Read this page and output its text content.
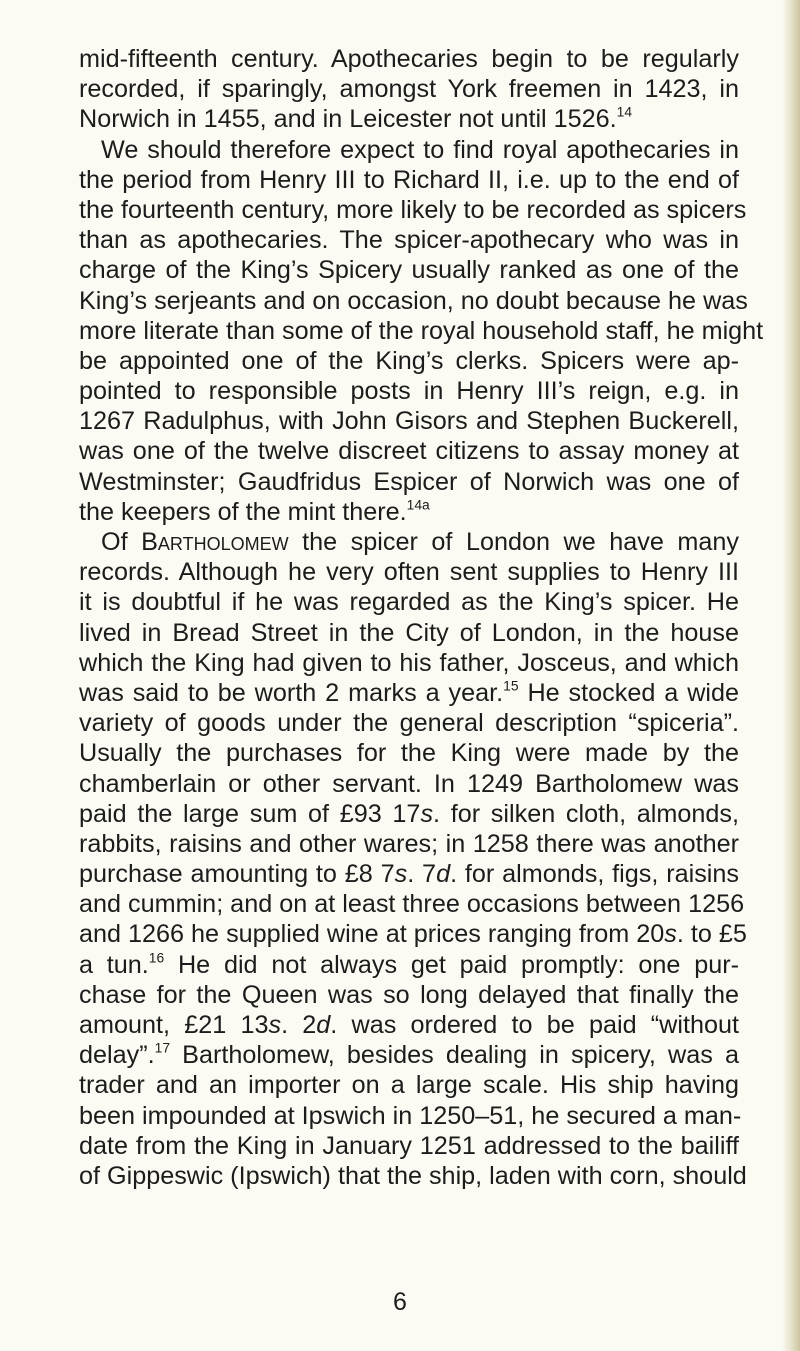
mid-fifteenth century. Apothecaries begin to be regularly
recorded, if sparingly, amongst York freemen in 1423, in
Norwich in 1455, and in Leicester not until 1526.14
We should therefore expect to find royal apothecaries in
the period from Henry III to Richard II, i.e. up to the end of
the fourteenth century, more likely to be recorded as spicers
than as apothecaries. The spicer-apothecary who was in
charge of the King’s Spicery usually ranked as one of the
King’s serjeants and on occasion, no doubt because he was
more literate than some of the royal household staff, he might
be appointed one of the King’s clerks. Spicers were ap-
pointed to responsible posts in Henry III’s reign, e.g. in
1267 Radulphus, with John Gisors and Stephen Buckerell,
was one of the twelve discreet citizens to assay money at
Westminster; Gaudfridus Espicer of Norwich was one of
the keepers of the mint there.$^{14a}$
Of Bartholomew the spicer of London we have many
records. Although he very often sent supplies to Henry III
it is doubtful if he was regarded as the King’s spicer. He
lived in Bread Street in the City of London, in the house
which the King had given to his father, Josceus, and which
was said to be worth 2 marks a year.$^{15}$ He stocked a wide
variety of goods under the general description “spiceria”.
Usually the purchases for the King were made by the
chamberlain or other servant. In 1249 Bartholomew was
paid the large sum of £93 17s. for silken cloth, almonds,
rabbits, raisins and other wares; in 1258 there was another
purchase amounting to £8 7s. 7d. for almonds, figs, raisins
and cummin; and on at least three occasions between 1256
and 1266 he supplied wine at prices ranging from 20s. to £5
a tun.$^{16}$ He did not always get paid promptly: one pur-
chase for the Queen was so long delayed that finally the
amount, £21 13s. 2d. was ordered to be paid “without
delay”.$^{17}$ Bartholomew, besides dealing in spicery, was a
trader and an importer on a large scale. His ship having
been impounded at Ipswich in 1250–51, he secured a man-
date from the King in January 1251 addressed to the bailiff
of Gippeswic (Ipswich) that the ship, laden with corn, should
6
